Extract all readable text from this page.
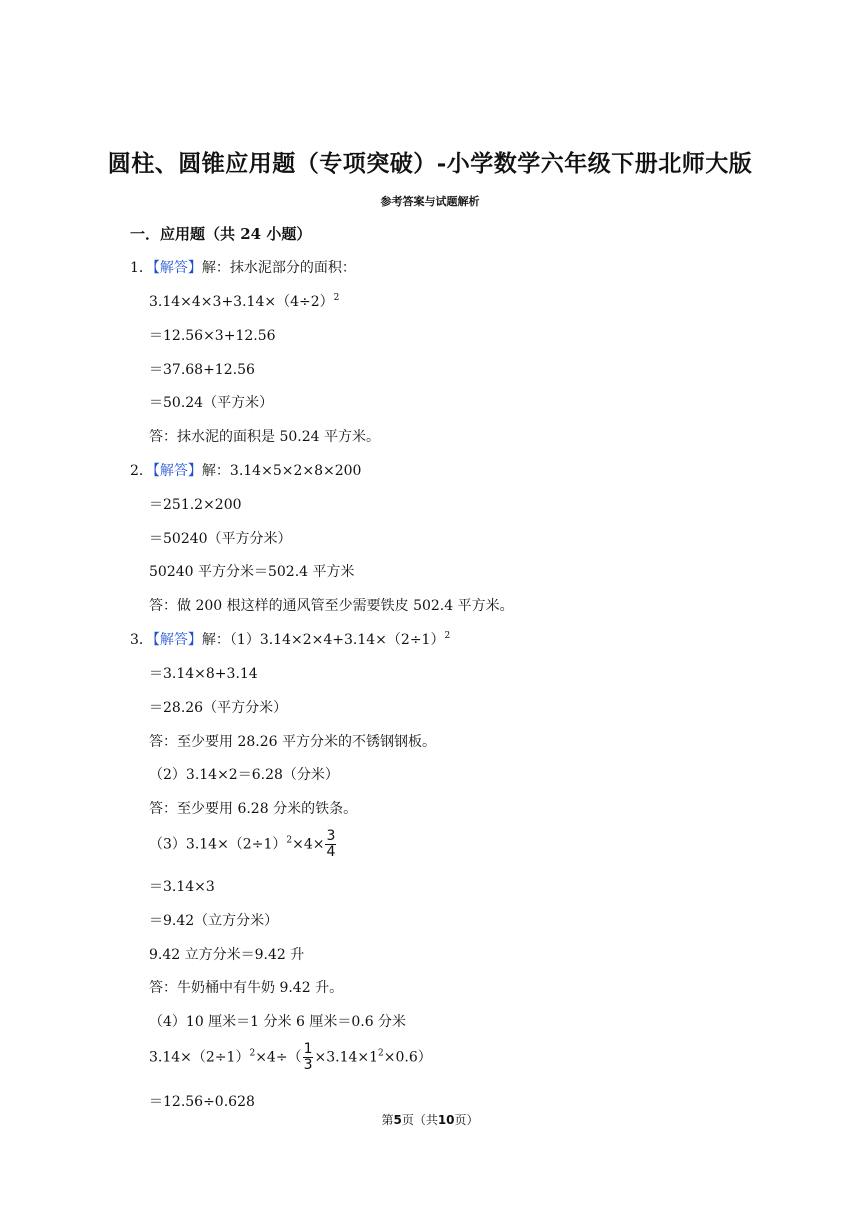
圆柱、圆锥应用题（专项突破）-小学数学六年级下册北师大版
参考答案与试题解析
一．应用题（共 24 小题）
1．【解答】解：抹水泥部分的面积：
$3.14\times 4\times 3+3.14\times(4\div 2)^2$
＝12.56×3+12.56
＝37.68+12.56
＝50.24（平方米）
答：抹水泥的面积是 50.24 平方米。
2．【解答】解：3.14×5×2×8×200
＝251.2×200
＝50240（平方分米）
50240 平方分米＝502.4 平方米
答：做 200 根这样的通风管至少需要铁皮 502.4 平方米。
3．【解答】解：$(1)3.14\times 2\times 4+3.14\times(2\div 1)^2$
＝3.14×8+3.14
＝28.26（平方分米）
答：至少要用 28.26 平方分米的不锈钢钢板。
（2）3.14×2＝6.28（分米）
答：至少要用 6.28 分米的铁条。
$(3)3.14\times(2\div 1)^2\times 4\times \frac{3}{4}$
＝3.14×3
＝9.42（立方分米）
9.42 立方分米＝9.42 升
答：牛奶桶中有牛奶 9.42 升。
（4）10 厘米＝1 分米 6 厘米＝0.6 分米
$3.14\times(2\div 1)^2\times 4\div( \frac{1}{3} \times 3.14\times 1^2\times 0.6)$
＝12.56÷0.628
第5页（共10页）
